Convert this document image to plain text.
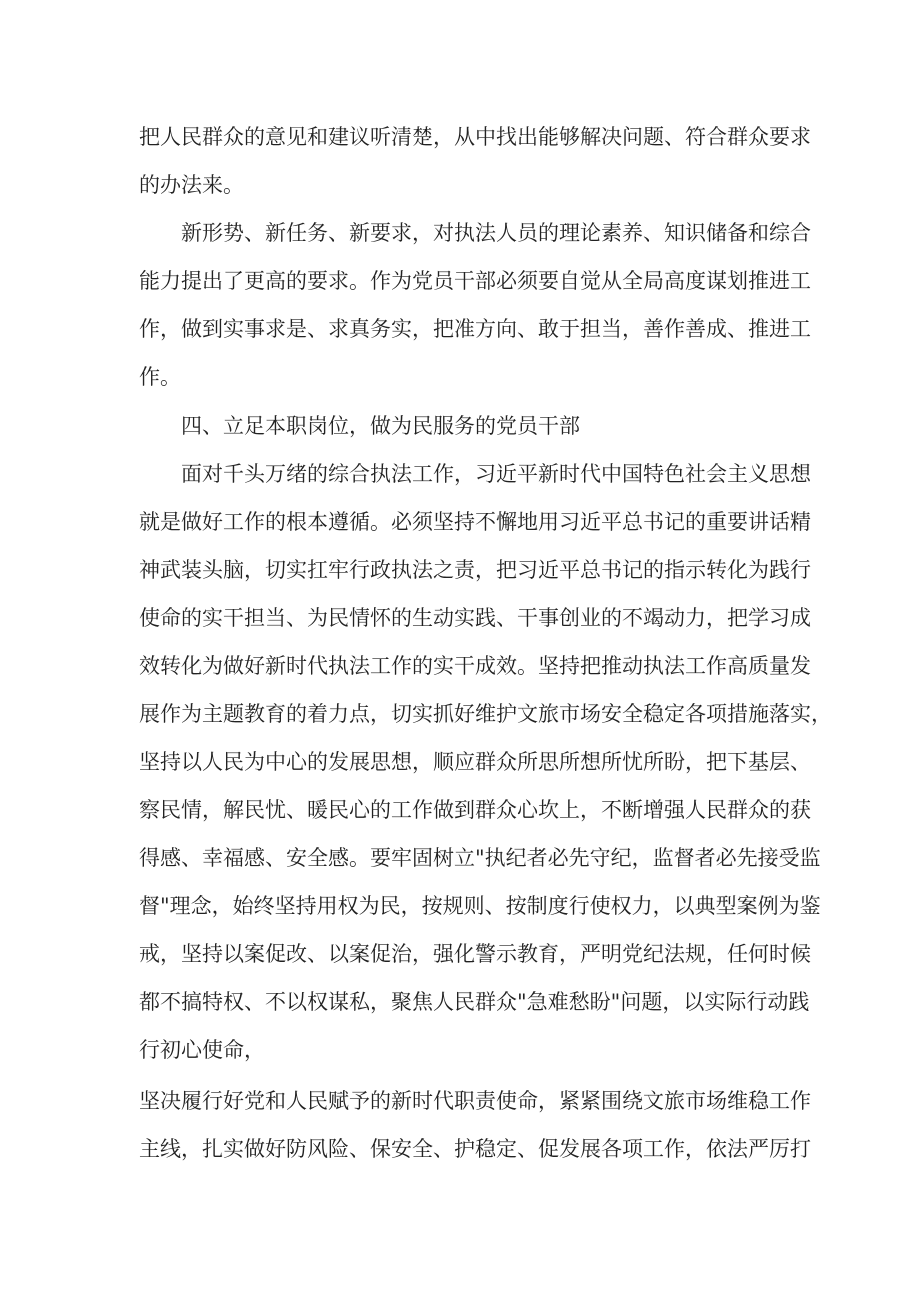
把人民群众的意见和建议听清楚，从中找出能够解决问题、符合群众要求
的办法来。
新形势、新任务、新要求，对执法人员的理论素养、知识储备和综合
能力提出了更高的要求。作为党员干部必须要自觉从全局高度谋划推进工
作，做到实事求是、求真务实，把准方向、敢于担当，善作善成、推进工
作。
四、立足本职岗位，做为民服务的党员干部
面对千头万绪的综合执法工作，习近平新时代中国特色社会主义思想
就是做好工作的根本遵循。必须坚持不懈地用习近平总书记的重要讲话精
神武装头脑，切实扛牢行政执法之责，把习近平总书记的指示转化为践行
使命的实干担当、为民情怀的生动实践、干事创业的不竭动力，把学习成
效转化为做好新时代执法工作的实干成效。坚持把推动执法工作高质量发
展作为主题教育的着力点，切实抓好维护文旅市场安全稳定各项措施落实，
坚持以人民为中心的发展思想，顺应群众所思所想所忧所盼，把下基层、
察民情，解民忧、暖民心的工作做到群众心坎上，不断增强人民群众的获
得感、幸福感、安全感。要牢固树立"执纪者必先守纪，监督者必先接受监
督"理念，始终坚持用权为民，按规则、按制度行使权力，以典型案例为鉴
戒，坚持以案促改、以案促治，强化警示教育，严明党纪法规，任何时候
都不搞特权、不以权谋私，聚焦人民群众"急难愁盼"问题，以实际行动践
行初心使命，
坚决履行好党和人民赋予的新时代职责使命，紧紧围绕文旅市场维稳工作
主线，扎实做好防风险、保安全、护稳定、促发展各项工作，依法严厉打
